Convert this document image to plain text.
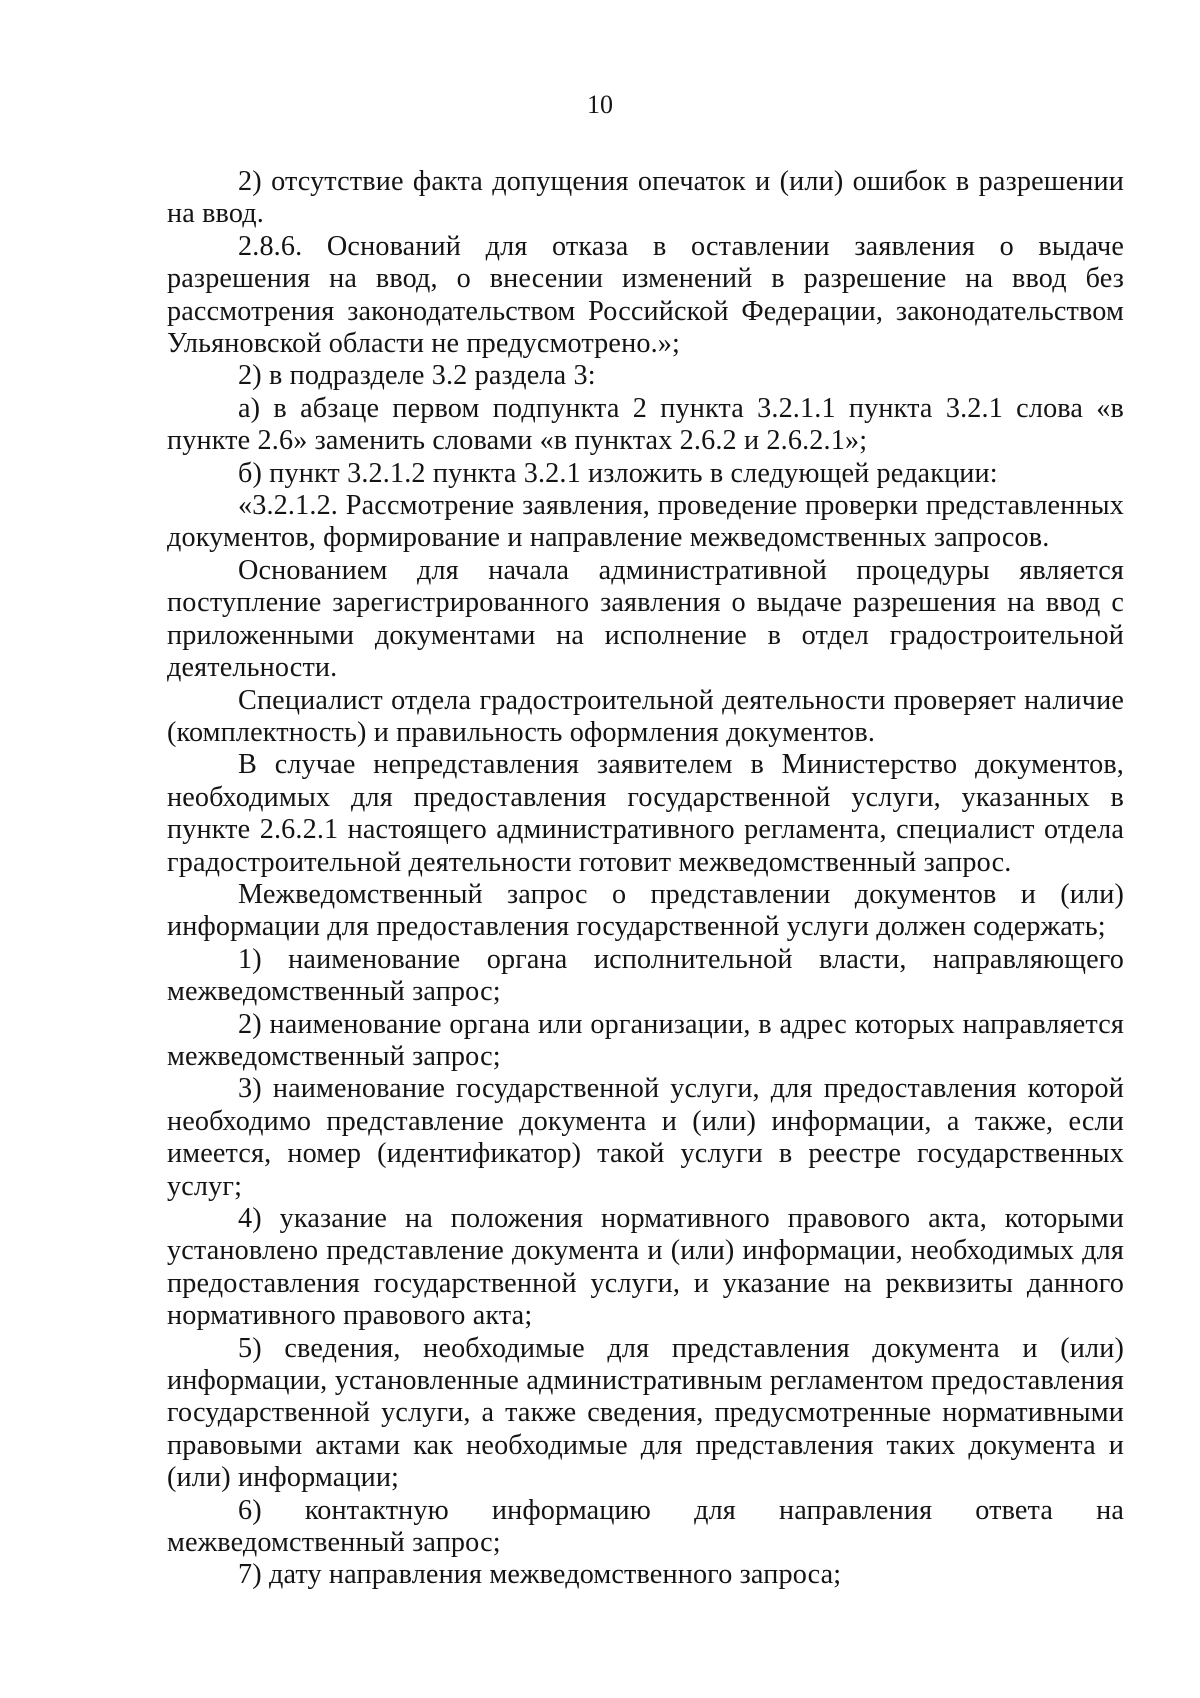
10

2) отсутствие факта допущения опечаток и (или) ошибок в разрешении на ввод.

2.8.6. Оснований для отказа в оставлении заявления о выдаче разрешения на ввод, о внесении изменений в разрешение на ввод без рассмотрения законодательством Российской Федерации, законодательством Ульяновской области не предусмотрено.»;

2) в подразделе 3.2 раздела 3:

а) в абзаце первом подпункта 2 пункта 3.2.1.1 пункта 3.2.1 слова «в пункте 2.6» заменить словами «в пунктах 2.6.2 и 2.6.2.1»;

б) пункт 3.2.1.2 пункта 3.2.1 изложить в следующей редакции:

«3.2.1.2. Рассмотрение заявления, проведение проверки представленных документов, формирование и направление межведомственных запросов.

Основанием для начала административной процедуры является поступление зарегистрированного заявления о выдаче разрешения на ввод с приложенными документами на исполнение в отдел градостроительной деятельности.

Специалист отдела градостроительной деятельности проверяет наличие (комплектность) и правильность оформления документов.

В случае непредставления заявителем в Министерство документов, необходимых для предоставления государственной услуги, указанных в пункте 2.6.2.1 настоящего административного регламента, специалист отдела градостроительной деятельности готовит межведомственный запрос.

Межведомственный запрос о представлении документов и (или) информации для предоставления государственной услуги должен содержать;

1) наименование органа исполнительной власти, направляющего межведомственный запрос;

2) наименование органа или организации, в адрес которых направляется межведомственный запрос;

3) наименование государственной услуги, для предоставления которой необходимо представление документа и (или) информации, а также, если имеется, номер (идентификатор) такой услуги в реестре государственных услуг;

4) указание на положения нормативного правового акта, которыми установлено представление документа и (или) информации, необходимых для предоставления государственной услуги, и указание на реквизиты данного нормативного правового акта;

5) сведения, необходимые для представления документа и (или) информации, установленные административным регламентом предоставления государственной услуги, а также сведения, предусмотренные нормативными правовыми актами как необходимые для представления таких документа и (или) информации;

6) контактную информацию для направления ответа на межведомственный запрос;

7) дату направления межведомственного запроса;
